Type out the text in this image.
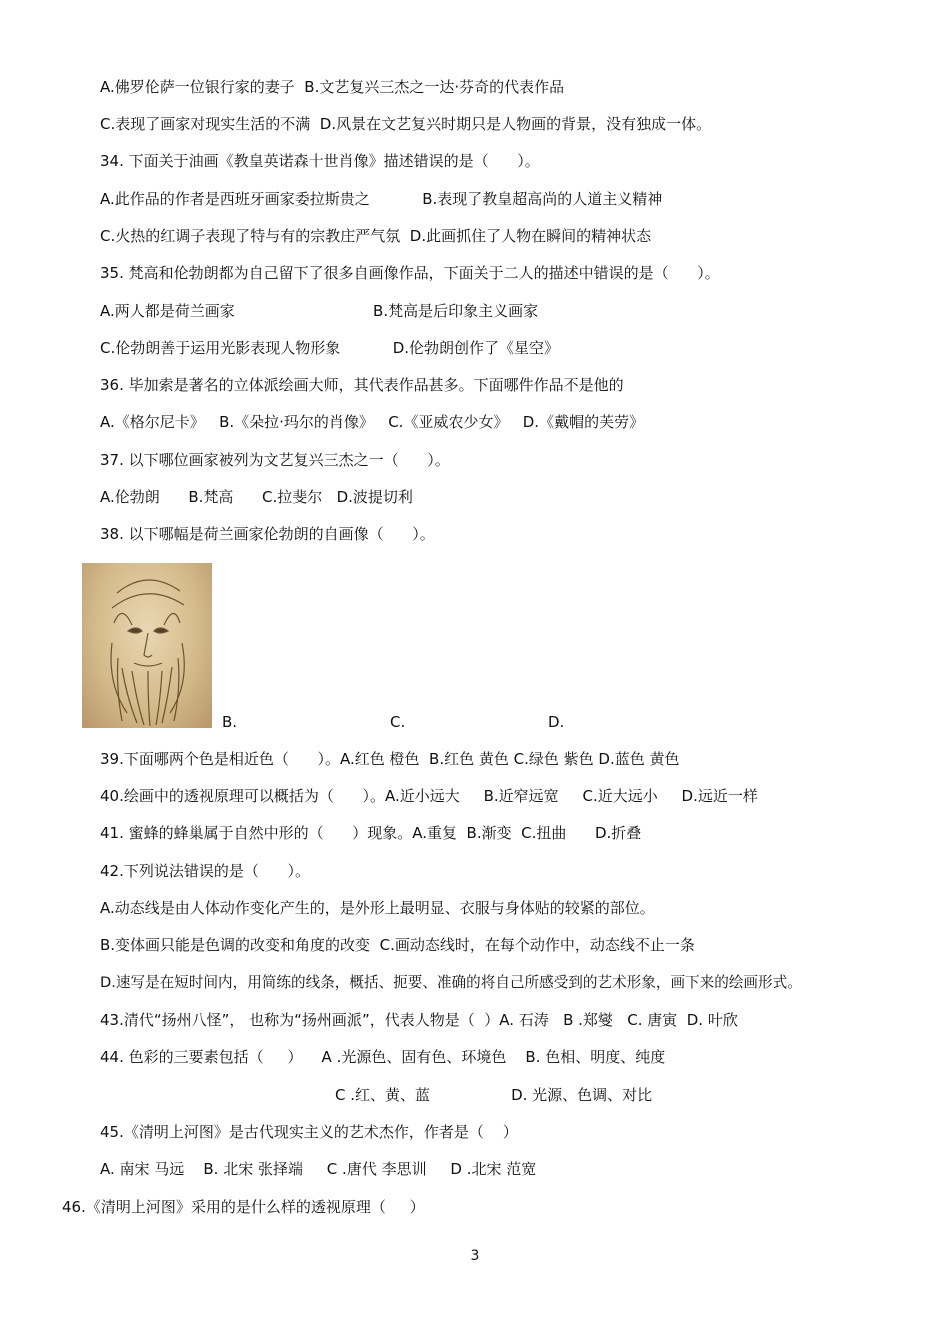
A.佛罗伦萨一位银行家的妻子  B.文艺复兴三杰之一达·芬奇的代表作品
C.表现了画家对现实生活的不满  D.风景在文艺复兴时期只是人物画的背景，没有独成一体。
34. 下面关于油画《教皇英诺森十世肖像》描述错误的是（      ）。
A.此作品的作者是西班牙画家委拉斯贵之           B.表现了教皇超高尚的人道主义精神
C.火热的红调子表现了特与有的宗教庄严气氛  D.此画抓住了人物在瞬间的精神状态
35. 梵高和伦勃朗都为自己留下了很多自画像作品，下面关于二人的描述中错误的是（      ）。
A.两人都是荷兰画家                             B.梵高是后印象主义画家
C.伦勃朗善于运用光影表现人物形象           D.伦勃朗创作了《星空》
36. 毕加索是著名的立体派绘画大师，其代表作品甚多。下面哪件作品不是他的
A.《格尔尼卡》   B.《朵拉·玛尔的肖像》   C.《亚威农少女》   D.《戴帽的芙劳》
37. 以下哪位画家被列为文艺复兴三杰之一（      ）。
A.伦勃朗      B.梵高      C.拉斐尔   D.波提切利
38. 以下哪幅是荷兰画家伦勃朗的自画像（      ）。
B.	C.	D.
39.下面哪两个色是相近色（      ）。A.红色 橙色  B.红色 黄色 C.绿色 紫色 D.蓝色 黄色
40.绘画中的透视原理可以概括为（      ）。A.近小远大     B.近窄远宽     C.近大远小     D.远近一样
41. 蜜蜂的蜂巢属于自然中形的（      ）现象。A.重复  B.渐变  C.扭曲      D.折叠
42.下列说法错误的是（      ）。
A.动态线是由人体动作变化产生的，是外形上最明显、衣服与身体贴的较紧的部位。
B.变体画只能是色调的改变和角度的改变  C.画动态线时，在每个动作中，动态线不止一条
D.速写是在短时间内，用简练的线条，概括、扼要、准确的将自己所感受到的艺术形象，画下来的绘画形式。
43.清代“扬州八怪”， 也称为“扬州画派”，代表人物是（  ）A. 石涛   B .郑燮   C. 唐寅  D. 叶欣
44. 色彩的三要素包括（     ）    A .光源色、固有色、环境色    B. 色相、明度、纯度
C .红、黄、蓝                 D. 光源、色调、对比
45.《清明上河图》是古代现实主义的艺术杰作，作者是（    ）
A. 南宋 马远    B. 北宋 张择端     C .唐代 李思训     D .北宋 范宽
46.《清明上河图》采用的是什么样的透视原理（     ）
3
